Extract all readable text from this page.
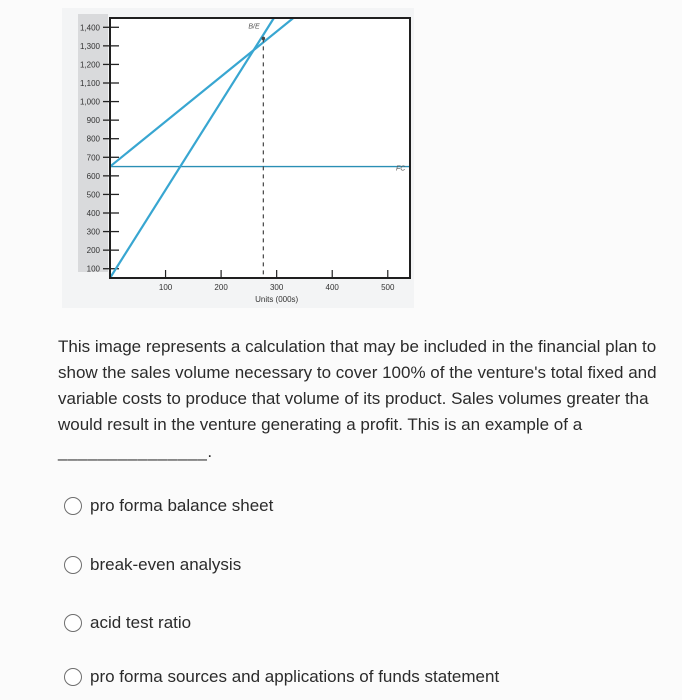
100
200
300
400
500
600
700
800
900
1,000
1,100
1,200
1,300
1,400
100	200	300	400	500
Units (000s)
FC
B/E
This image represents a calculation that may be included in the financial plan to
show the sales volume necessary to cover 100% of the venture's total fixed and
variable costs to produce that volume of its product. Sales volumes greater tha
would result in the venture generating a profit. This is an example of a
_______________.
pro forma balance sheet
break-even analysis
acid test ratio
pro forma sources and applications of funds statement
